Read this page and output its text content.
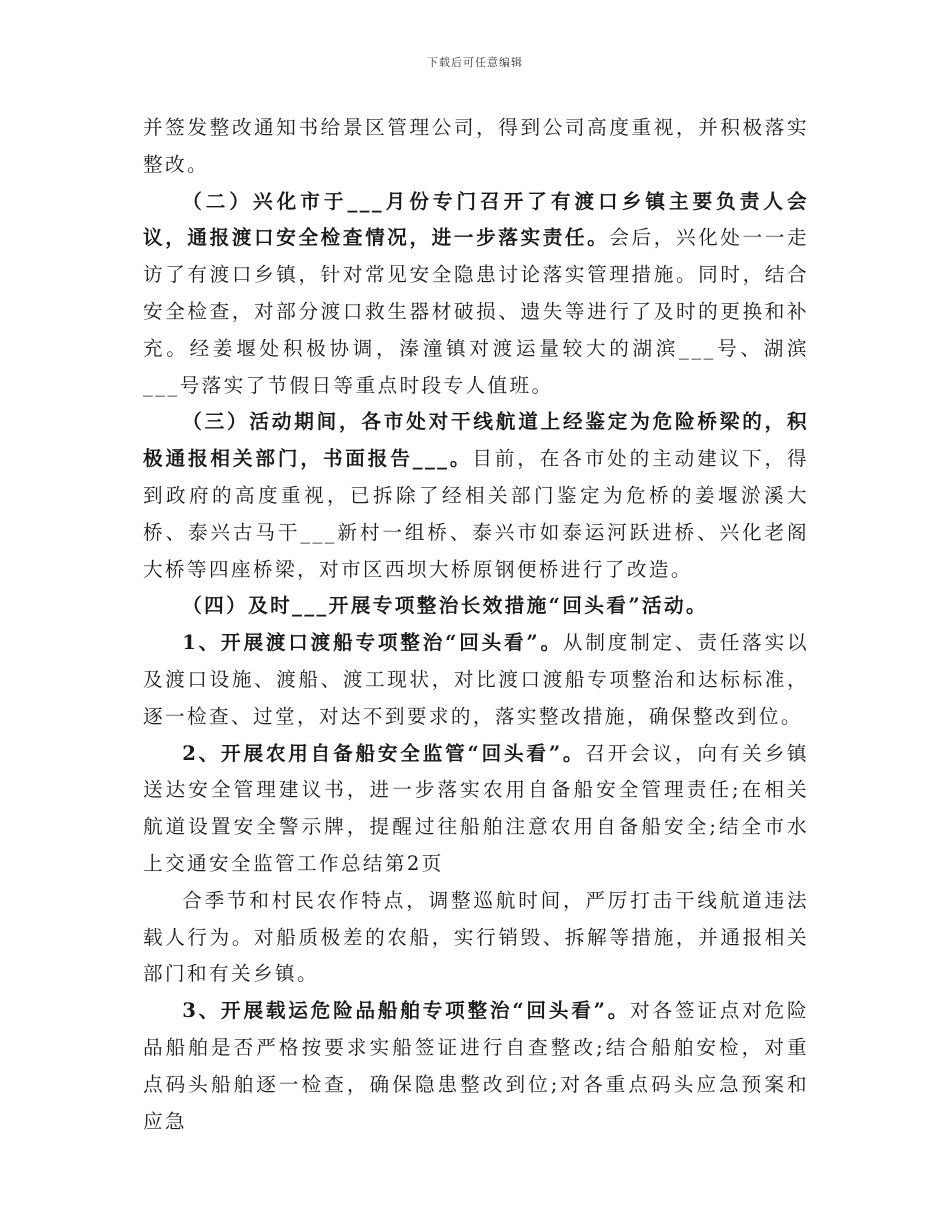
下载后可任意编辑

并签发整改通知书给景区管理公司，得到公司高度重视，并积极落实整改。

（二）兴化市于___月份专门召开了有渡口乡镇主要负责人会议，通报渡口安全检查情况，进一步落实责任。会后，兴化处一一走访了有渡口乡镇，针对常见安全隐患讨论落实管理措施。同时，结合安全检查，对部分渡口救生器材破损、遗失等进行了及时的更换和补充。经姜堰处积极协调，溱潼镇对渡运量较大的湖滨___号、湖滨___号落实了节假日等重点时段专人值班。

（三）活动期间，各市处对干线航道上经鉴定为危险桥梁的，积极通报相关部门，书面报告___。目前，在各市处的主动建议下，得到政府的高度重视，已拆除了经相关部门鉴定为危桥的姜堰淤溪大桥、泰兴古马干___新村一组桥、泰兴市如泰运河跃进桥、兴化老阁大桥等四座桥梁，对市区西坝大桥原钢便桥进行了改造。

（四）及时___开展专项整治长效措施“回头看”活动。

1、开展渡口渡船专项整治“回头看”。从制度制定、责任落实以及渡口设施、渡船、渡工现状，对比渡口渡船专项整治和达标标准，逐一检查、过堂，对达不到要求的，落实整改措施，确保整改到位。

2、开展农用自备船安全监管“回头看”。召开会议，向有关乡镇送达安全管理建议书，进一步落实农用自备船安全管理责任;在相关航道设置安全警示牌，提醒过往船舶注意农用自备船安全;结全市水上交通安全监管工作总结第2页

合季节和村民农作特点，调整巡航时间，严厉打击干线航道违法载人行为。对船质极差的农船，实行销毁、拆解等措施，并通报相关部门和有关乡镇。

3、开展载运危险品船舶专项整治“回头看”。对各签证点对危险品船舶是否严格按要求实船签证进行自查整改;结合船舶安检，对重点码头船舶逐一检查，确保隐患整改到位;对各重点码头应急预案和应急
